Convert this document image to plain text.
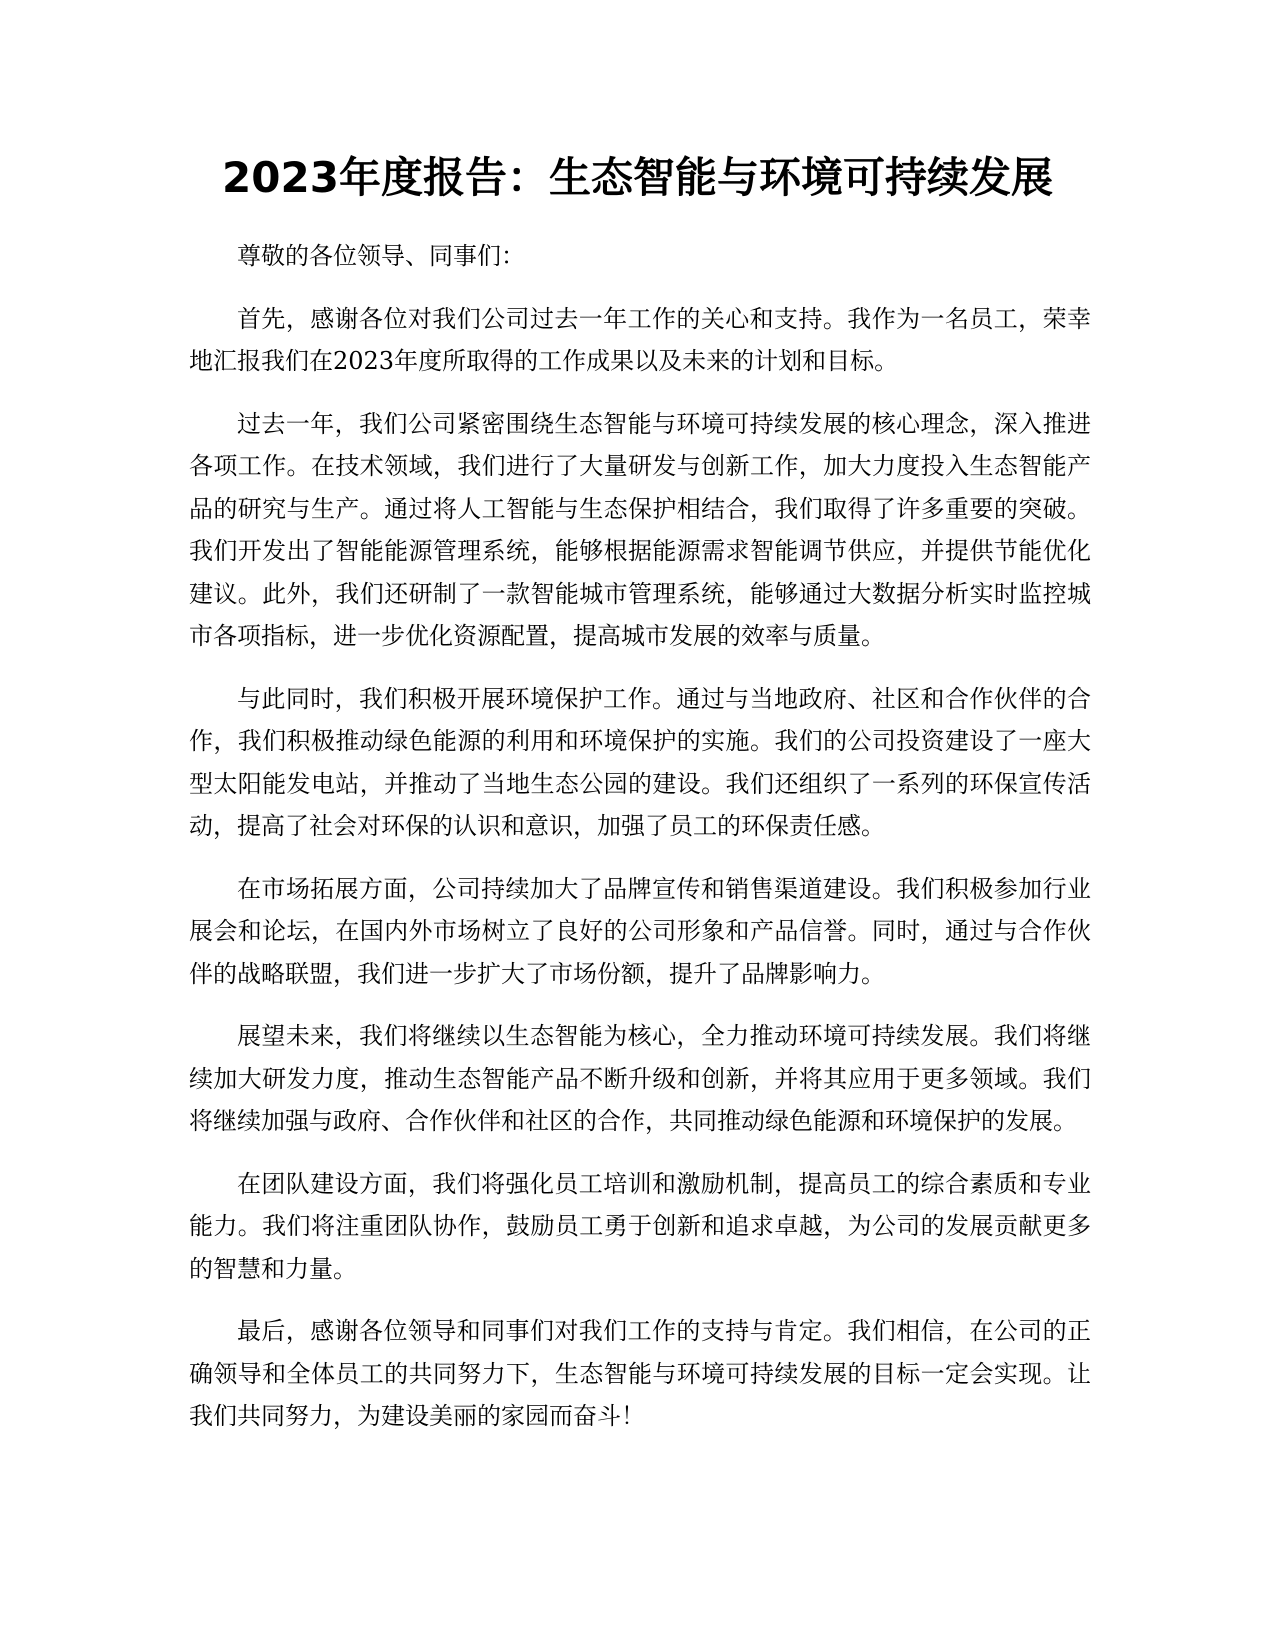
2023年度报告：生态智能与环境可持续发展

尊敬的各位领导、同事们：

首先，感谢各位对我们公司过去一年工作的关心和支持。我作为一名员工，荣幸地汇报我们在2023年度所取得的工作成果以及未来的计划和目标。

过去一年，我们公司紧密围绕生态智能与环境可持续发展的核心理念，深入推进各项工作。在技术领域，我们进行了大量研发与创新工作，加大力度投入生态智能产品的研究与生产。通过将人工智能与生态保护相结合，我们取得了许多重要的突破。我们开发出了智能能源管理系统，能够根据能源需求智能调节供应，并提供节能优化建议。此外，我们还研制了一款智能城市管理系统，能够通过大数据分析实时监控城市各项指标，进一步优化资源配置，提高城市发展的效率与质量。

与此同时，我们积极开展环境保护工作。通过与当地政府、社区和合作伙伴的合作，我们积极推动绿色能源的利用和环境保护的实施。我们的公司投资建设了一座大型太阳能发电站，并推动了当地生态公园的建设。我们还组织了一系列的环保宣传活动，提高了社会对环保的认识和意识，加强了员工的环保责任感。

在市场拓展方面，公司持续加大了品牌宣传和销售渠道建设。我们积极参加行业展会和论坛，在国内外市场树立了良好的公司形象和产品信誉。同时，通过与合作伙伴的战略联盟，我们进一步扩大了市场份额，提升了品牌影响力。

展望未来，我们将继续以生态智能为核心，全力推动环境可持续发展。我们将继续加大研发力度，推动生态智能产品不断升级和创新，并将其应用于更多领域。我们将继续加强与政府、合作伙伴和社区的合作，共同推动绿色能源和环境保护的发展。

在团队建设方面，我们将强化员工培训和激励机制，提高员工的综合素质和专业能力。我们将注重团队协作，鼓励员工勇于创新和追求卓越，为公司的发展贡献更多的智慧和力量。

最后，感谢各位领导和同事们对我们工作的支持与肯定。我们相信，在公司的正确领导和全体员工的共同努力下，生态智能与环境可持续发展的目标一定会实现。让我们共同努力，为建设美丽的家园而奋斗！
